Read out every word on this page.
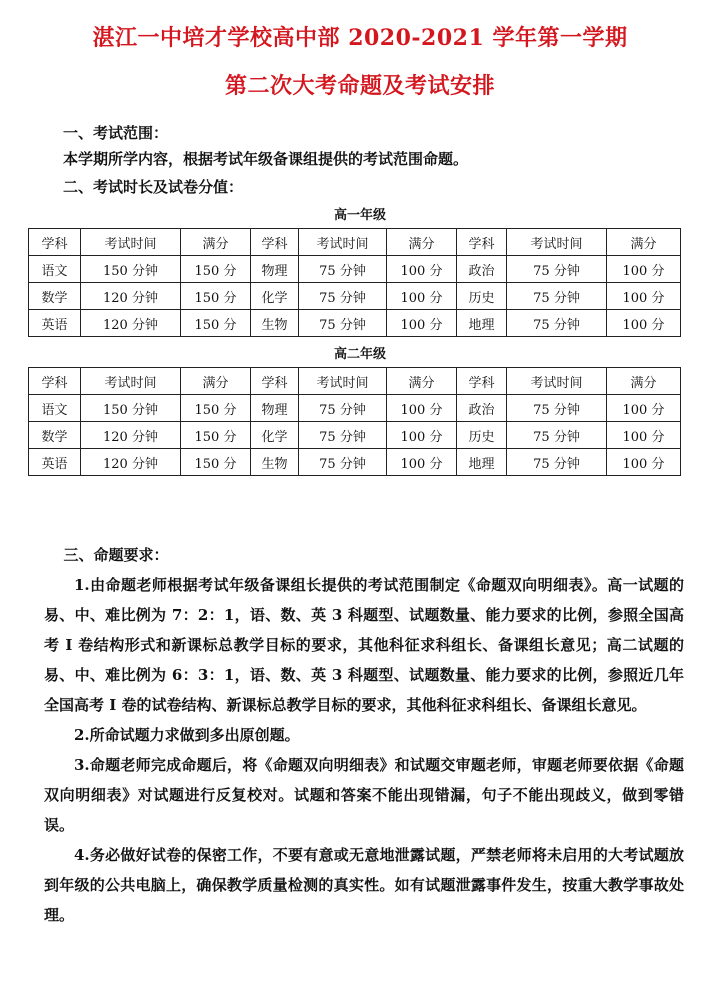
湛江一中培才学校高中部 2020-2021 学年第一学期
第二次大考命题及考试安排
一、考试范围：
本学期所学内容，根据考试年级备课组提供的考试范围命题。
二、考试时长及试卷分值：
高一年级
学科	考试时间	满分	学科	考试时间	满分	学科	考试时间	满分
语文	150 分钟	150 分	物理	75 分钟	100 分	政治	75 分钟	100 分
数学	120 分钟	150 分	化学	75 分钟	100 分	历史	75 分钟	100 分
英语	120 分钟	150 分	生物	75 分钟	100 分	地理	75 分钟	100 分
高二年级
学科	考试时间	满分	学科	考试时间	满分	学科	考试时间	满分
语文	150 分钟	150 分	物理	75 分钟	100 分	政治	75 分钟	100 分
数学	120 分钟	150 分	化学	75 分钟	100 分	历史	75 分钟	100 分
英语	120 分钟	150 分	生物	75 分钟	100 分	地理	75 分钟	100 分

三、命题要求：

1.由命题老师根据考试年级备课组长提供的考试范围制定《命题双向明细表》。高一试题的易、中、难比例为 7：2：1，语、数、英 3 科题型、试题数量、能力要求的比例，参照全国高考 I 卷结构形式和新课标总教学目标的要求，其他科征求科组长、备课组长意见；高二试题的易、中、难比例为 6：3：1，语、数、英 3 科题型、试题数量、能力要求的比例，参照近几年全国高考 I 卷的试卷结构、新课标总教学目标的要求，其他科征求科组长、备课组长意见。

2.所命试题力求做到多出原创题。

3.命题老师完成命题后，将《命题双向明细表》和试题交审题老师，审题老师要依据《命题双向明细表》对试题进行反复校对。试题和答案不能出现错漏，句子不能出现歧义，做到零错误。

4.务必做好试卷的保密工作，不要有意或无意地泄露试题，严禁老师将未启用的大考试题放到年级的公共电脑上，确保教学质量检测的真实性。如有试题泄露事件发生，按重大教学事故处理。
